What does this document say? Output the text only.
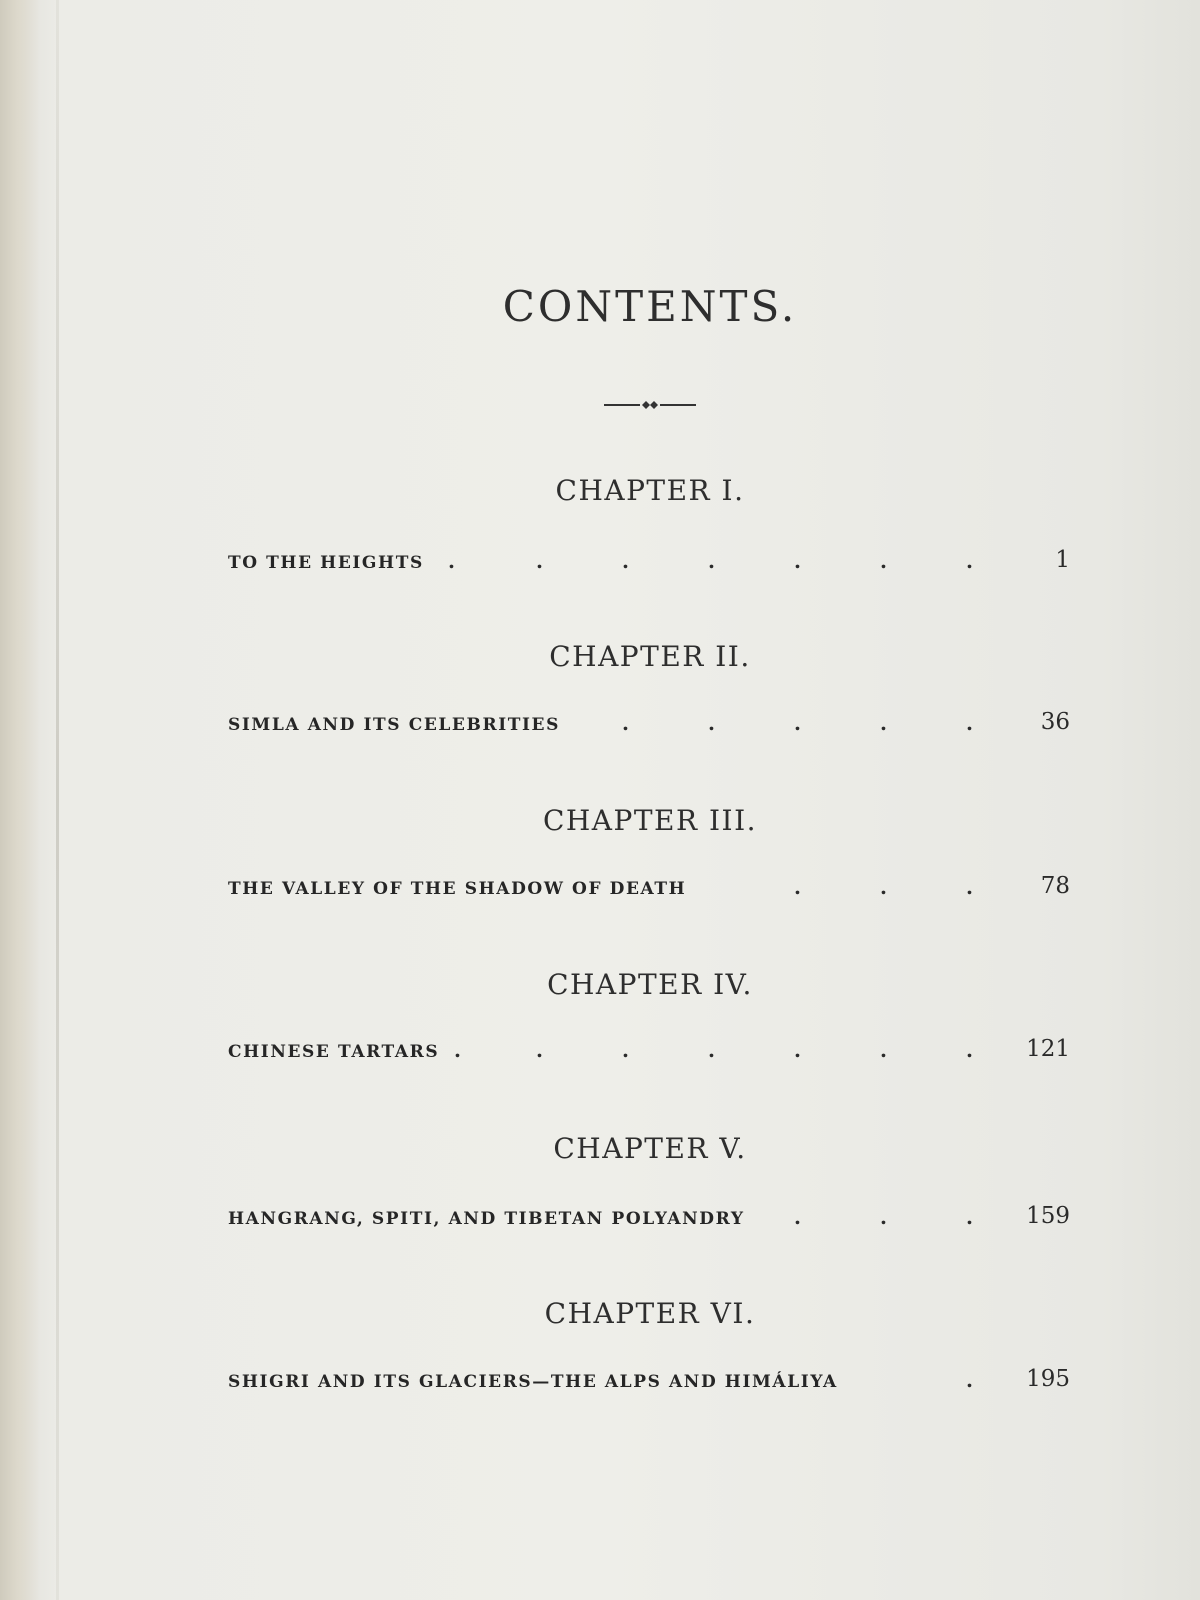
CONTENTS.
CHAPTER I.
TO THE HEIGHTS .	.	.	.	.	.	.	1
CHAPTER II.
SIMLA AND ITS CELEBRITIES	.	.	.	.	.	36
CHAPTER III.
THE VALLEY OF THE SHADOW OF DEATH	.	.	.	78
CHAPTER IV.
CHINESE TARTARS .	.	.	.	.	.	. 121
CHAPTER V.
HANGRANG, SPITI, AND TIBETAN POLYANDRY .	.	. 159
CHAPTER VI.
SHIGRI AND ITS GLACIERS—THE ALPS AND HIMÁLIYA	. 195
